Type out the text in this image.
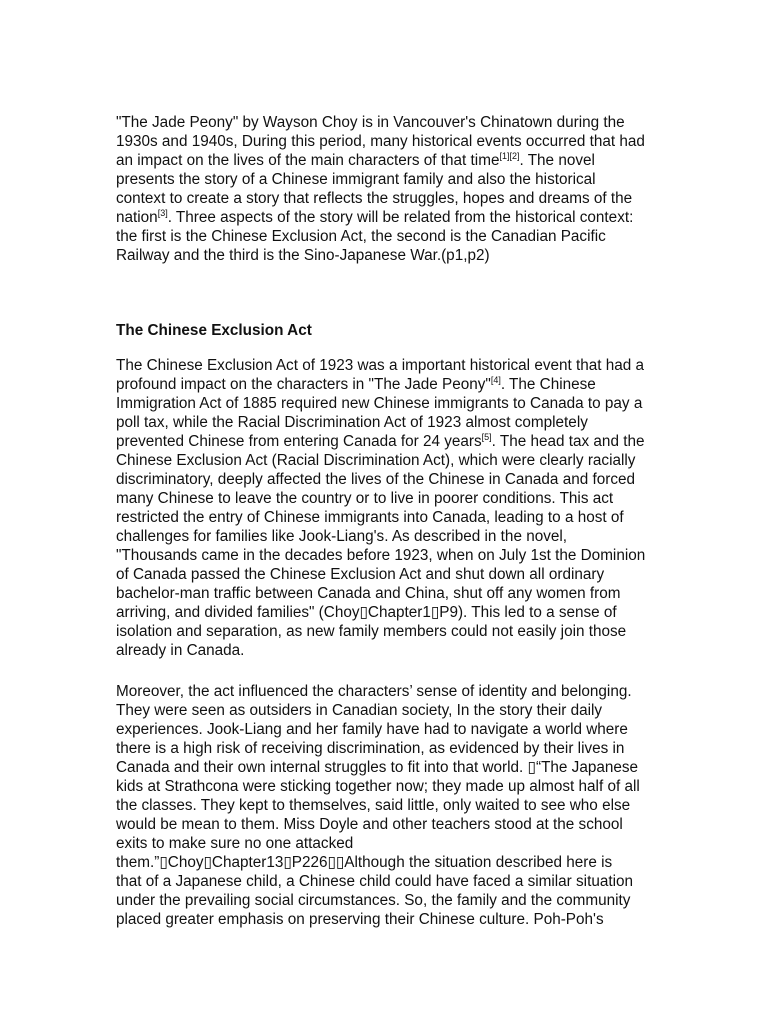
"The Jade Peony" by Wayson Choy is in Vancouver's Chinatown during the
1930s and 1940s, During this period, many historical events occurred that had
an impact on the lives of the main characters of that time[1][2]. The novel
presents the story of a Chinese immigrant family and also the historical
context to create a story that reflects the struggles, hopes and dreams of the
nation[3]. Three aspects of the story will be related from the historical context:
the first is the Chinese Exclusion Act, the second is the Canadian Pacific
Railway and the third is the Sino-Japanese War.(p1,p2)

The Chinese Exclusion Act

The Chinese Exclusion Act of 1923 was a important historical event that had a
profound impact on the characters in "The Jade Peony"[4]. The Chinese
Immigration Act of 1885 required new Chinese immigrants to Canada to pay a
poll tax, while the Racial Discrimination Act of 1923 almost completely
prevented Chinese from entering Canada for 24 years[5]. The head tax and the
Chinese Exclusion Act (Racial Discrimination Act), which were clearly racially
discriminatory, deeply affected the lives of the Chinese in Canada and forced
many Chinese to leave the country or to live in poorer conditions. This act
restricted the entry of Chinese immigrants into Canada, leading to a host of
challenges for families like Jook-Liang's. As described in the novel,
"Thousands came in the decades before 1923, when on July 1st the Dominion
of Canada passed the Chinese Exclusion Act and shut down all ordinary
bachelor-man traffic between Canada and China, shut off any women from
arriving, and divided families" (Choy▯Chapter1▯P9). This led to a sense of
isolation and separation, as new family members could not easily join those
already in Canada.

Moreover, the act influenced the characters’ sense of identity and belonging.
They were seen as outsiders in Canadian society, In the story their daily
experiences. Jook-Liang and her family have had to navigate a world where
there is a high risk of receiving discrimination, as evidenced by their lives in
Canada and their own internal struggles to fit into that world. ▯“The Japanese
kids at Strathcona were sticking together now; they made up almost half of all
the classes. They kept to themselves, said little, only waited to see who else
would be mean to them. Miss Doyle and other teachers stood at the school
exits to make sure no one attacked
them.”▯Choy▯Chapter13▯P226▯▯Although the situation described here is
that of a Japanese child, a Chinese child could have faced a similar situation
under the prevailing social circumstances. So, the family and the community
placed greater emphasis on preserving their Chinese culture. Poh-Poh's
